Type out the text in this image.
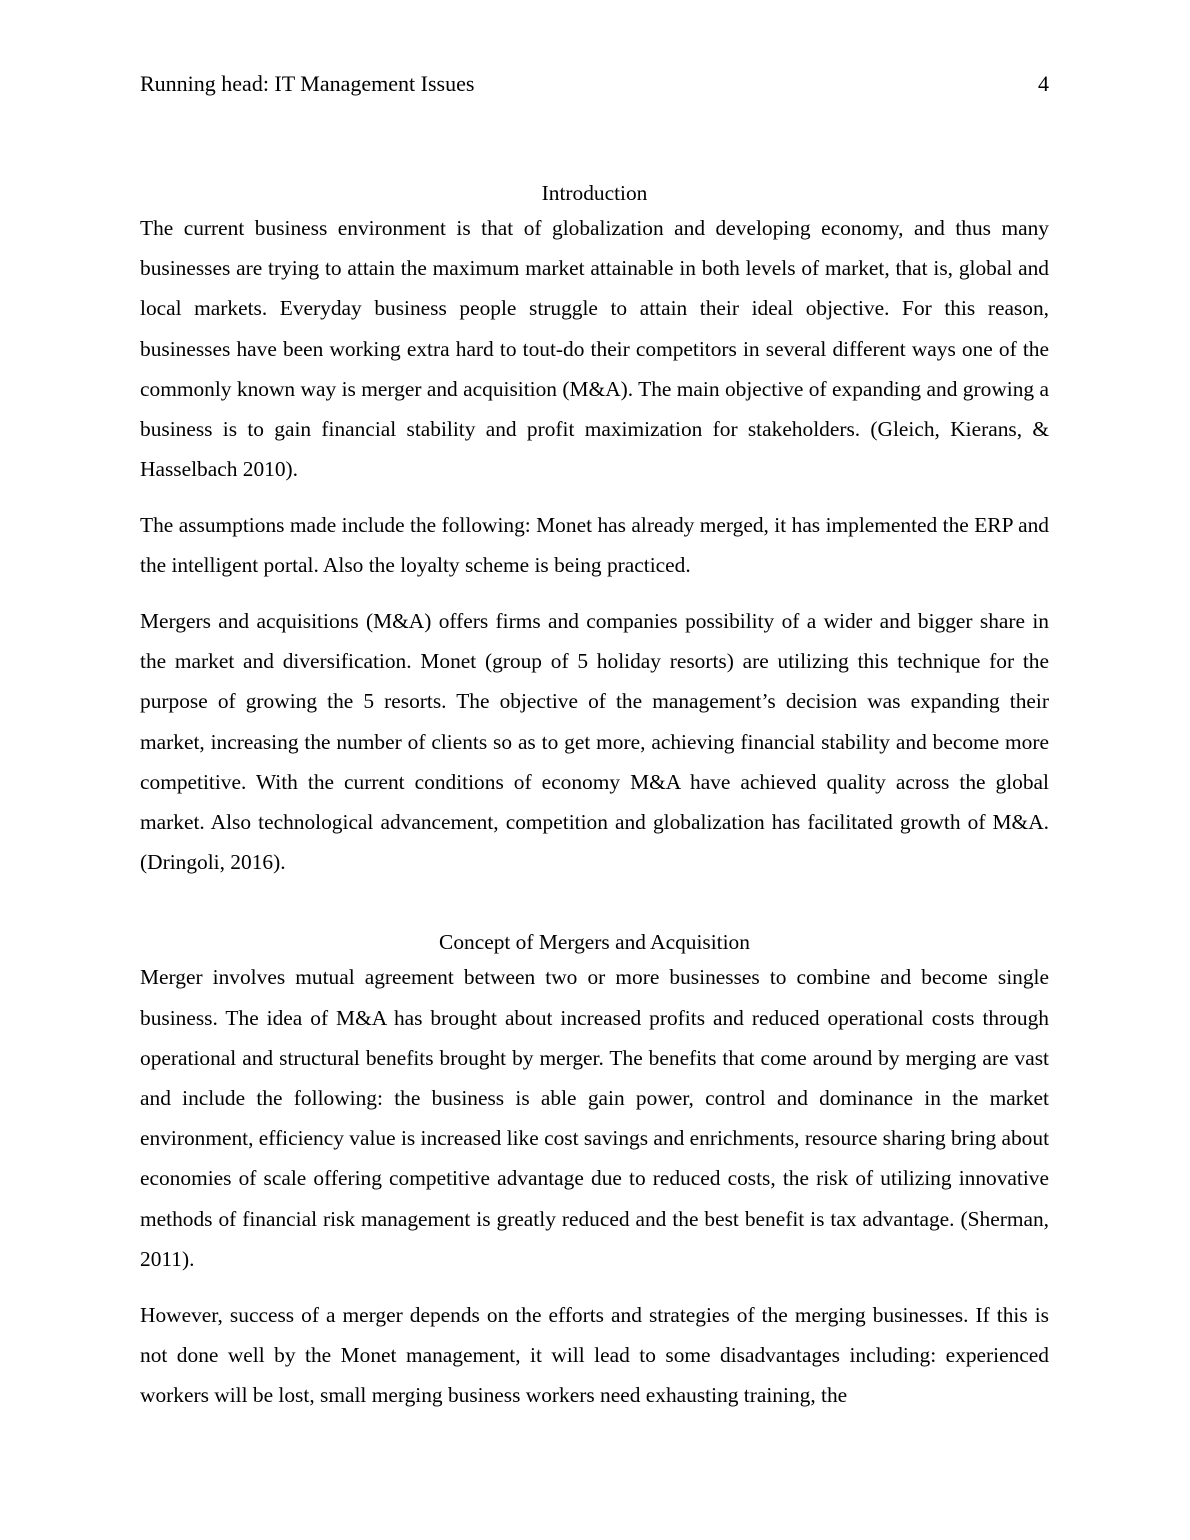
Running head: IT Management Issues	4
Introduction

The current business environment is that of globalization and developing economy, and thus many businesses are trying to attain the maximum market attainable in both levels of market, that is, global and local markets. Everyday business people struggle to attain their ideal objective. For this reason, businesses have been working extra hard to tout-do their competitors in several different ways one of the commonly known way is merger and acquisition (M&A). The main objective of expanding and growing a business is to gain financial stability and profit maximization for stakeholders. (Gleich, Kierans, & Hasselbach 2010).

The assumptions made include the following: Monet has already merged, it has implemented the ERP and the intelligent portal. Also the loyalty scheme is being practiced.

Mergers and acquisitions (M&A) offers firms and companies possibility of a wider and bigger share in the market and diversification. Monet (group of 5 holiday resorts) are utilizing this technique for the purpose of growing the 5 resorts. The objective of the management’s decision was expanding their market, increasing the number of clients so as to get more, achieving financial stability and become more competitive. With the current conditions of economy M&A have achieved quality across the global market. Also technological advancement, competition and globalization has facilitated growth of M&A. (Dringoli, 2016).

Concept of Mergers and Acquisition

Merger involves mutual agreement between two or more businesses to combine and become single business. The idea of M&A has brought about increased profits and reduced operational costs through operational and structural benefits brought by merger. The benefits that come around by merging are vast and include the following: the business is able gain power, control and dominance in the market environment, efficiency value is increased like cost savings and enrichments, resource sharing bring about economies of scale offering competitive advantage due to reduced costs, the risk of utilizing innovative methods of financial risk management is greatly reduced and the best benefit is tax advantage. (Sherman, 2011).

However, success of a merger depends on the efforts and strategies of the merging businesses. If this is not done well by the Monet management, it will lead to some disadvantages including: experienced workers will be lost, small merging business workers need exhausting training, the
